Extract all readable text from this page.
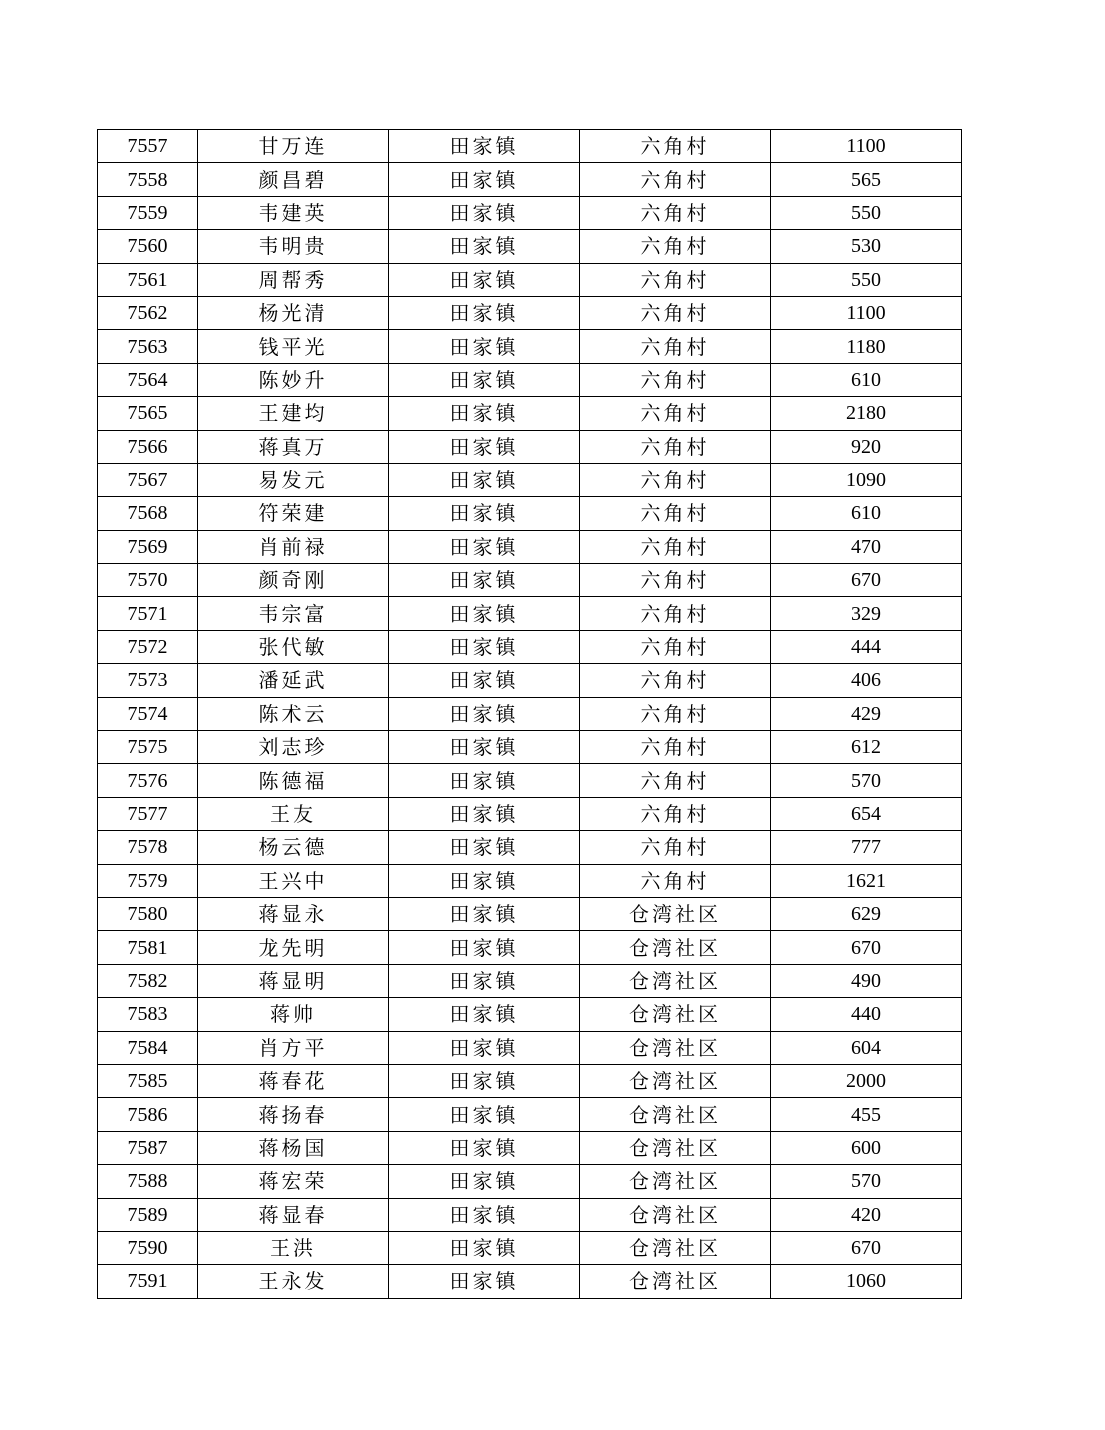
7557	甘万连	田家镇	六角村	1100
7558	颜昌碧	田家镇	六角村	565
7559	韦建英	田家镇	六角村	550
7560	韦明贵	田家镇	六角村	530
7561	周帮秀	田家镇	六角村	550
7562	杨光清	田家镇	六角村	1100
7563	钱平光	田家镇	六角村	1180
7564	陈妙升	田家镇	六角村	610
7565	王建均	田家镇	六角村	2180
7566	蒋真万	田家镇	六角村	920
7567	易发元	田家镇	六角村	1090
7568	符荣建	田家镇	六角村	610
7569	肖前禄	田家镇	六角村	470
7570	颜奇刚	田家镇	六角村	670
7571	韦宗富	田家镇	六角村	329
7572	张代敏	田家镇	六角村	444
7573	潘延武	田家镇	六角村	406
7574	陈术云	田家镇	六角村	429
7575	刘志珍	田家镇	六角村	612
7576	陈德福	田家镇	六角村	570
7577	王友	田家镇	六角村	654
7578	杨云德	田家镇	六角村	777
7579	王兴中	田家镇	六角村	1621
7580	蒋显永	田家镇	仓湾社区	629
7581	龙先明	田家镇	仓湾社区	670
7582	蒋显明	田家镇	仓湾社区	490
7583	蒋帅	田家镇	仓湾社区	440
7584	肖方平	田家镇	仓湾社区	604
7585	蒋春花	田家镇	仓湾社区	2000
7586	蒋扬春	田家镇	仓湾社区	455
7587	蒋杨国	田家镇	仓湾社区	600
7588	蒋宏荣	田家镇	仓湾社区	570
7589	蒋显春	田家镇	仓湾社区	420
7590	王洪	田家镇	仓湾社区	670
7591	王永发	田家镇	仓湾社区	1060
